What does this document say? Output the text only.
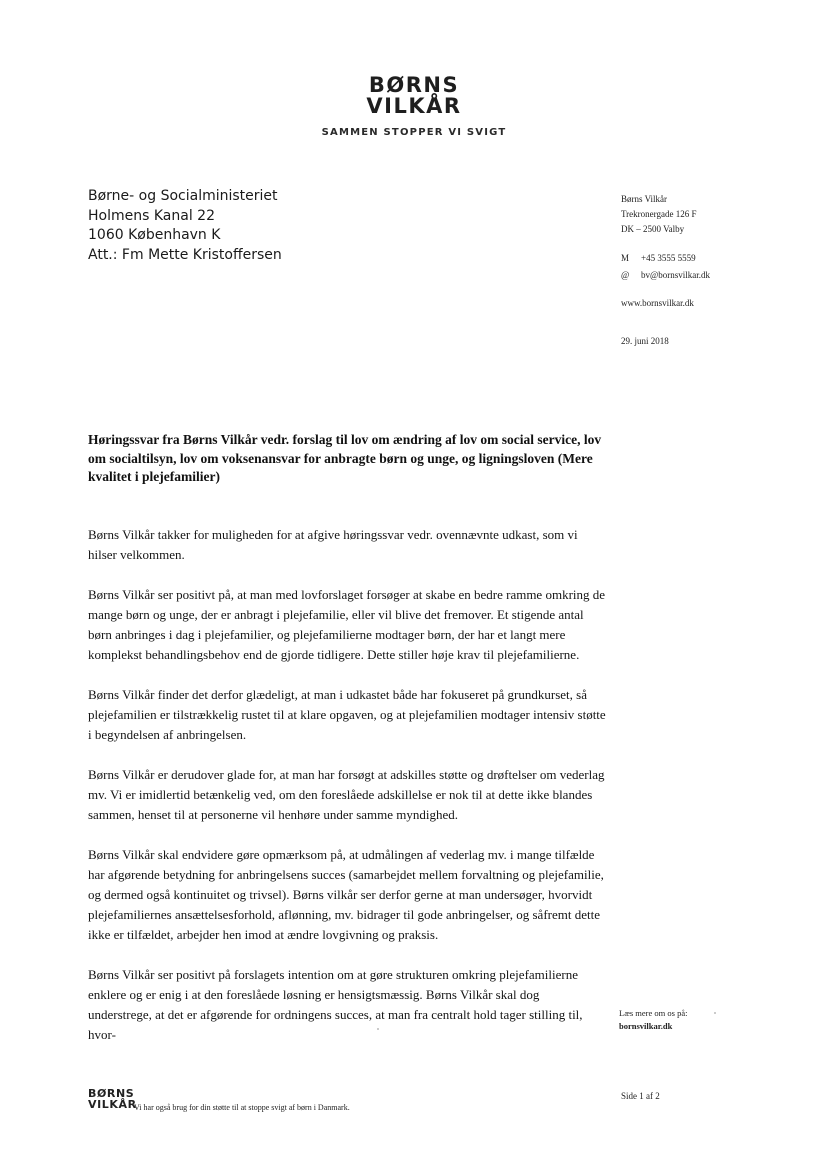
BØRNS
VILKÅR
SAMMEN STOPPER VI SVIGT
Børne- og Socialministeriet
Holmens Kanal 22
1060 København K
Att.: Fm Mette Kristoffersen
Børns Vilkår
Trekronergade 126 F
DK – 2500 Valby
M +45 3555 5559
@ bv@bornsvilkar.dk
www.bornsvilkar.dk
29. juni 2018
Høringssvar fra Børns Vilkår vedr. forslag til lov om ændring af lov om social service, lov om socialtilsyn, lov om voksenansvar for anbragte børn og unge, og ligningsloven (Mere kvalitet i plejefamilier)

Børns Vilkår takker for muligheden for at afgive høringssvar vedr. ovennævnte udkast, som vi hilser velkommen.

Børns Vilkår ser positivt på, at man med lovforslaget forsøger at skabe en bedre ramme omkring de mange børn og unge, der er anbragt i plejefamilie, eller vil blive det fremover. Et stigende antal børn anbringes i dag i plejefamilier, og plejefamilierne modtager børn, der har et langt mere komplekst behandlingsbehov end de gjorde tidligere. Dette stiller høje krav til plejefamilierne.

Børns Vilkår finder det derfor glædeligt, at man i udkastet både har fokuseret på grundkurset, så plejefamilien er tilstrækkelig rustet til at klare opgaven, og at plejefamilien modtager intensiv støtte i begyndelsen af anbringelsen.

Børns Vilkår er derudover glade for, at man har forsøgt at adskilles støtte og drøftelser om vederlag mv. Vi er imidlertid betænkelig ved, om den foreslåede adskillelse er nok til at dette ikke blandes sammen, henset til at personerne vil henhøre under samme myndighed.

Børns Vilkår skal endvidere gøre opmærksom på, at udmålingen af vederlag mv. i mange tilfælde har afgørende betydning for anbringelsens succes (samarbejdet mellem forvaltning og plejefamilie, og dermed også kontinuitet og trivsel). Børns vilkår ser derfor gerne at man undersøger, hvorvidt plejefamiliernes ansættelsesforhold, aflønning, mv. bidrager til gode anbringelser, og såfremt dette ikke er tilfældet, arbejder hen imod at ændre lovgivning og praksis.

Børns Vilkår ser positivt på forslagets intention om at gøre strukturen omkring plejefamilierne enklere og er enig i at den foreslåede løsning er hensigtsmæssig. Børns Vilkår skal dog understrege, at det er afgørende for ordningens succes, at man fra centralt hold tager stilling til, hvor-

Læs mere om os på:
bornsvilkar.dk
BØRNS
VILKÅR
Vi har også brug for din støtte til at stoppe svigt af børn i Danmark.
Side 1 af 2
